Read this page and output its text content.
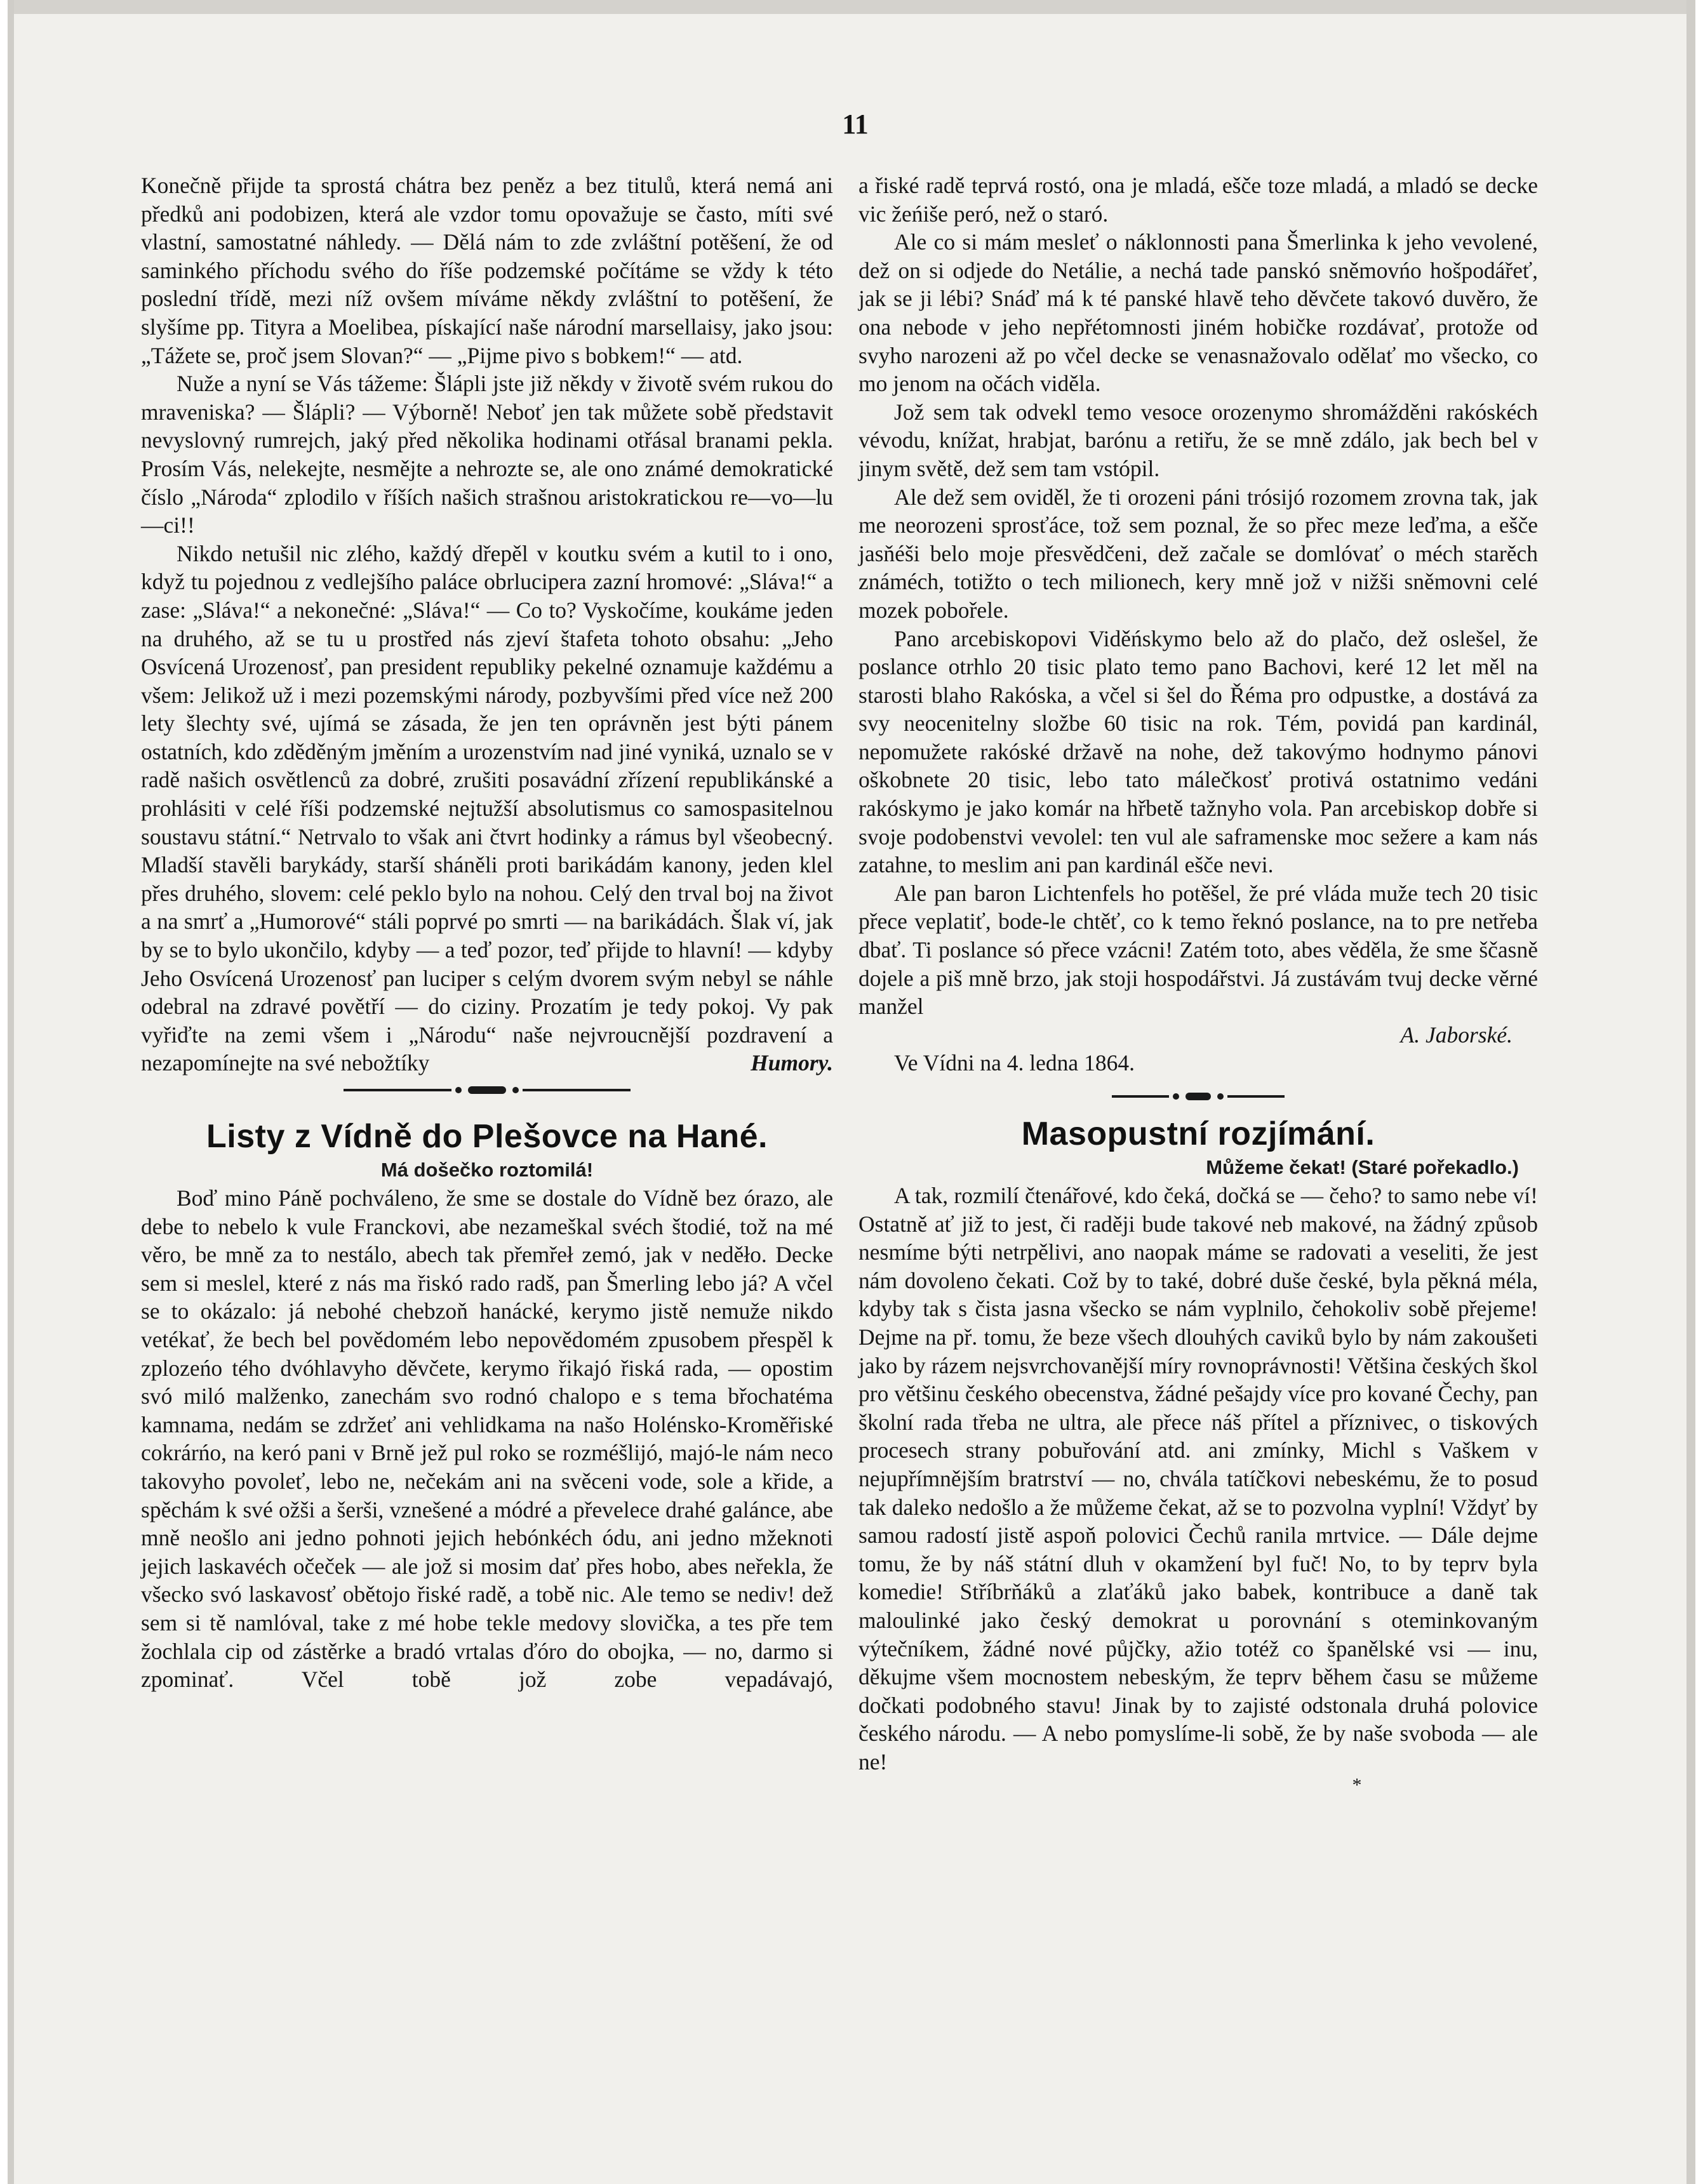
11

Konečně přijde ta sprostá chátra bez peněz a bez titulů, která nemá ani předků ani podobizen, která ale vzdor tomu opovažuje se často, míti své vlastní, samostatné náhledy. — Dělá nám to zde zvláštní potěšení, že od saminkého příchodu svého do říše podzemské počítáme se vždy k této poslední třídě, mezi níž ovšem míváme někdy zvláštní to potěšení, že slyšíme pp. Tityra a Moelibea, pískající naše národní marsellaisy, jako jsou: „Tážete se, proč jsem Slovan?“ — „Pijme pivo s bobkem!“ — atd.

Nuže a nyní se Vás tážeme: Šlápli jste již někdy v životě svém rukou do mraveniska? — Šlápli? — Výborně! Neboť jen tak můžete sobě představit nevyslovný rumrejch, jaký před několika hodinami otřásal branami pekla. Prosím Vás, nelekejte, nesmějte a nehrozte se, ale ono známé demokratické číslo „Národa“ zplodilo v říších našich strašnou aristokratickou re—vo—lu—ci!!

Nikdo netušil nic zlého, každý dřepěl v koutku svém a kutil to i ono, když tu pojednou z vedlejšího paláce obrlucipera zazní hromové: „Sláva!“ a zase: „Sláva!“ a nekonečné: „Sláva!“ — Co to? Vyskočíme, koukáme jeden na druhého, až se tu u prostřed nás zjeví štafeta tohoto obsahu: „Jeho Osvícená Urozenosť, pan president republiky pekelné oznamuje každému a všem: Jelikož už i mezi pozemskými národy, pozbyvšími před více než 200 lety šlechty své, ujímá se zásada, že jen ten oprávněn jest býti pánem ostatních, kdo zděděným jměním a urozenstvím nad jiné vyniká, uznalo se v radě našich osvětlenců za dobré, zrušiti posavádní zřízení republikánské a prohlásiti v celé říši podzemské nejtužší absolutismus co samospasitelnou soustavu státní.“ Netrvalo to však ani čtvrt hodinky a rámus byl všeobecný. Mladší stavěli barykády, starší sháněli proti barikádám kanony, jeden klel přes druhého, slovem: celé peklo bylo na nohou. Celý den trval boj na život a na smrť a „Humorové“ stáli poprvé po smrti — na barikádách. Šlak ví, jak by se to bylo ukončilo, kdyby — a teď pozor, teď přijde to hlavní! — kdyby Jeho Osvícená Urozenosť pan luciper s celým dvorem svým nebyl se náhle odebral na zdravé povětří — do ciziny. Prozatím je tedy pokoj. Vy pak vyřiďte na zemi všem i „Národu“ naše nejvroucnější pozdravení a nezapomínejte na své nebožtíky	Humory.

Listy z Vídně do Plešovce na Hané.
Má došečko roztomilá!

Boď mino Páně pochváleno, že sme se dostale do Vídně bez órazo, ale debe to nebelo k vule Franckovi, abe nezameškal svéch štodié, tož na mé věro, be mně za to nestálo, abech tak přemřeł zemó, jak v neděło. Decke sem si meslel, které z nás ma řiskó rado radš, pan Šmerling lebo já? A včel se to okázalo: já nebohé chebzoň hanácké, kerymo jistě nemuže nikdo vetékať, že bech bel povědomém lebo nepovědomém zpusobem přespěl k zplozeńo tého dvóhlavyho děvčete, kerymo řikajó řiská rada, — opostim svó miló malženko, zanechám svo rodnó chalopo e s tema břochatéma kamnama, nedám se zdržeť ani vehlidkama na našo Holénsko-Kroměřiské cokrárńo, na keró pani v Brně jež pul roko se rozméšlijó, majó-le nám neco takovyho povoleť, lebo ne, nečekám ani na svěceni vode, sole a křide, a spěchám k své ožši a šerši, vznešené a módré a převelece drahé galánce, abe mně neošlo ani jedno pohnoti jejich hebónkéch ódu, ani jedno mžeknoti jejich laskavéch očeček — ale jož si mosim dať přes hobo, abes neřekla, že všecko svó laskavosť obětojo řiské radě, a tobě nic. Ale temo se nediv! dež sem si tě namlóval, take z mé hobe tekle medovy slovička, a tes pře tem žochlala cip od zástěrke a bradó vrtalas ďóro do obojka, — no, darmo si zpominať. Včel tobě jož zobe vepadávajó,

a řiské radě teprvá rostó, ona je mladá, ešče toze mladá, a mladó se decke vic žeńiše peró, než o staró.

Ale co si mám mesleť o náklonnosti pana Šmerlinka k jeho vevolené, dež on si odjede do Netálie, a nechá tade panskó sněmovńo hošpodářeť, jak se ji lébi? Snáď má k té panské hlavě teho děvčete takovó duvěro, že ona nebode v jeho nepřétomnosti jiném hobičke rozdávať, protože od svyho narozeni až po včel decke se venasnažovalo odělať mo všecko, co mo jenom na očách viděla.

Jož sem tak odvekl temo vesoce orozenymo shromážděni rakóskéch vévodu, knížat, hrabjat, barónu a retiřu, že se mně zdálo, jak bech bel v jinym světě, dež sem tam vstópil.

Ale dež sem oviděl, že ti orozeni páni trósijó rozomem zrovna tak, jak me neorozeni sprosťáce, tož sem poznal, že so přec meze leďma, a ešče jasňéši belo moje přesvědčeni, dež začale se domlóvať o méch starěch známéch, totižto o tech milionech, kery mně jož v nižši sněmovni celé mozek pobořele.

Pano arcebiskopovi Viděńskymo belo až do plačo, dež oslešel, že poslance otrhlo 20 tisic plato temo pano Bachovi, keré 12 let měl na starosti blaho Rakóska, a včel si šel do Řéma pro odpustke, a dostává za svy neocenitelny složbe 60 tisic na rok. Tém, povidá pan kardinál, nepomužete rakóské državě na nohe, dež takovýmo hodnymo pánovi oškobnete 20 tisic, lebo tato málečkosť protivá ostatnimo vedáni rakóskymo je jako komár na hřbetě tažnyho vola. Pan arcebiskop dobře si svoje podobenstvi vevolel: ten vul ale saframenske moc sežere a kam nás zatahne, to meslim ani pan kardinál ešče nevi.

Ale pan baron Lichtenfels ho potěšel, že pré vláda muže tech 20 tisic přece veplatiť, bode-le chtěť, co k temo řeknó poslance, na to pre netřeba dbať. Ti poslance só přece vzácni! Zatém toto, abes věděla, že sme ščasně dojele a piš mně brzo, jak stoji hospodářstvi. Já zustávám tvuj decke věrné manžel

A. Jaborské.

Ve Vídni na 4. ledna 1864.

Masopustní rozjímání.
Můžeme čekat! (Staré pořekadlo.)

A tak, rozmilí čtenářové, kdo čeká, dočká se — čeho? to samo nebe ví! Ostatně ať již to jest, či raději bude takové neb makové, na žádný způsob nesmíme býti netrpělivi, ano naopak máme se radovati a veseliti, že jest nám dovoleno čekati. Což by to také, dobré duše české, byla pěkná méla, kdyby tak s čista jasna všecko se nám vyplnilo, čehokoliv sobě přejeme! Dejme na př. tomu, že beze všech dlouhých caviků bylo by nám zakoušeti jako by rázem nejsvrchovanější míry rovnoprávnosti! Většina českých škol pro většinu českého obecenstva, žádné pešajdy více pro kované Čechy, pan školní rada třeba ne ultra, ale přece náš přítel a příznivec, o tiskových procesech strany pobuřování atd. ani zmínky, Michl s Vaškem v nejupřímnějším bratrství — no, chvála tatíčkovi nebeskému, že to posud tak daleko nedošlo a že můžeme čekat, až se to pozvolna vyplní! Vždyť by samou radostí jistě aspoň polovici Čechů ranila mrtvice. — Dále dejme tomu, že by náš státní dluh v okamžení byl fuč! No, to by teprv byla komedie! Stříbrňáků a zlaťáků jako babek, kontribuce a daně tak maloulinké jako český demokrat u porovnání s oteminkovaným výtečníkem, žádné nové půjčky, ažio totéž co španělské vsi — inu, děkujme všem mocnostem nebeským, že teprv během času se můžeme dočkati podobného stavu! Jinak by to zajisté odstonala druhá polovice českého národu. — A nebo pomyslíme-li sobě, že by naše svoboda — ale ne!

*
